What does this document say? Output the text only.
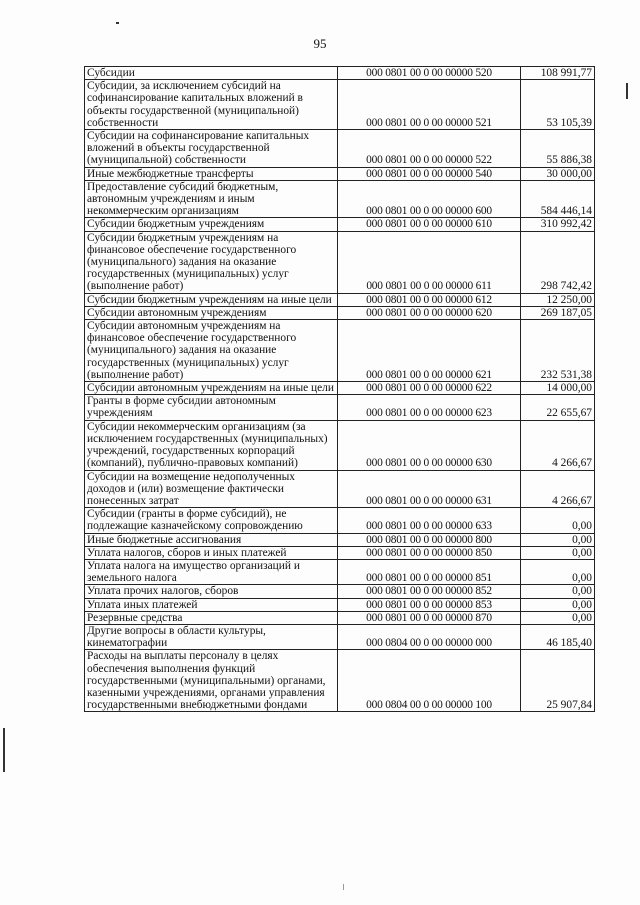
95
Субсидии	000 0801 00 0 00 00000 520	108 991,77
Субсидии, за исключением субсидий на софинансирование капитальных вложений в объекты государственной (муниципальной) собственности	000 0801 00 0 00 00000 521	53 105,39
Субсидии на софинансирование капитальных вложений в объекты государственной (муниципальной) собственности	000 0801 00 0 00 00000 522	55 886,38
Иные межбюджетные трансферты	000 0801 00 0 00 00000 540	30 000,00
Предоставление субсидий бюджетным, автономным учреждениям и иным некоммерческим организациям	000 0801 00 0 00 00000 600	584 446,14
Субсидии бюджетным учреждениям	000 0801 00 0 00 00000 610	310 992,42
Субсидии бюджетным учреждениям на финансовое обеспечение государственного (муниципального) задания на оказание государственных (муниципальных) услуг (выполнение работ)	000 0801 00 0 00 00000 611	298 742,42
Субсидии бюджетным учреждениям на иные цели	000 0801 00 0 00 00000 612	12 250,00
Субсидии автономным учреждениям	000 0801 00 0 00 00000 620	269 187,05
Субсидии автономным учреждениям на финансовое обеспечение государственного (муниципального) задания на оказание государственных (муниципальных) услуг (выполнение работ)	000 0801 00 0 00 00000 621	232 531,38
Субсидии автономным учреждениям на иные цели	000 0801 00 0 00 00000 622	14 000,00
Гранты в форме субсидии автономным учреждениям	000 0801 00 0 00 00000 623	22 655,67
Субсидии некоммерческим организациям (за исключением государственных (муниципальных) учреждений, государственных корпораций (компаний), публично-правовых компаний)	000 0801 00 0 00 00000 630	4 266,67
Субсидии на возмещение недополученных доходов и (или) возмещение фактически понесенных затрат	000 0801 00 0 00 00000 631	4 266,67
Субсидии (гранты в форме субсидий), не подлежащие казначейскому сопровождению	000 0801 00 0 00 00000 633	0,00
Иные бюджетные ассигнования	000 0801 00 0 00 00000 800	0,00
Уплата налогов, сборов и иных платежей	000 0801 00 0 00 00000 850	0,00
Уплата налога на имущество организаций и земельного налога	000 0801 00 0 00 00000 851	0,00
Уплата прочих налогов, сборов	000 0801 00 0 00 00000 852	0,00
Уплата иных платежей	000 0801 00 0 00 00000 853	0,00
Резервные средства	000 0801 00 0 00 00000 870	0,00
Другие вопросы в области культуры, кинематографии	000 0804 00 0 00 00000 000	46 185,40
Расходы на выплаты персоналу в целях обеспечения выполнения функций государственными (муниципальными) органами, казенными учреждениями, органами управления государственными внебюджетными фондами	000 0804 00 0 00 00000 100	25 907,84
